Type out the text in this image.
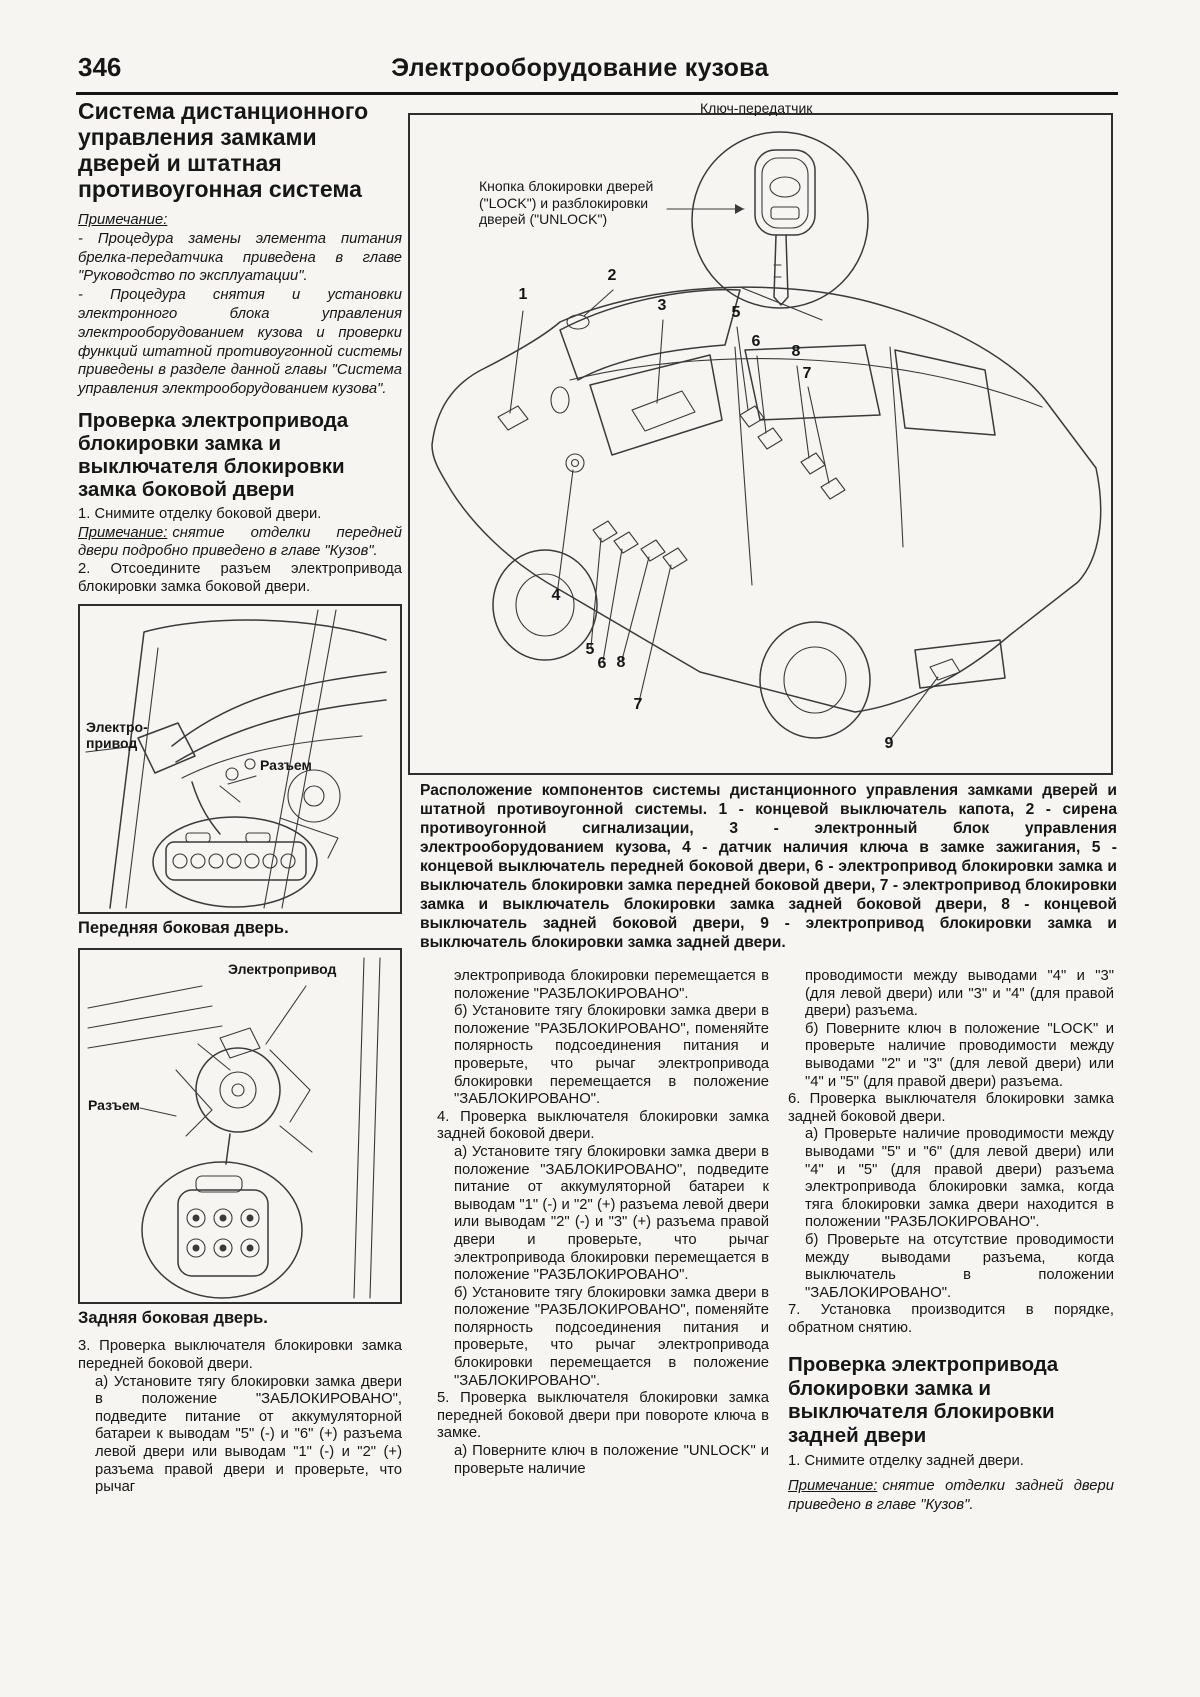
346	Электрооборудование кузова
Система дистанционного управления замками дверей и штатная противоугонная система

Примечание:

- Процедура замены элемента питания брелка-передатчика приведена в главе "Руководство по эксплуатации".

- Процедура снятия и установки электронного блока управления электрооборудованием кузова и проверки функций штатной противоугонной системы приведены в разделе данной главы "Система управления электрооборудованием кузова".

Проверка электропривода блокировки замка и выключателя блокировки замка боковой двери

1. Снимите отделку боковой двери.

Примечание: снятие отделки передней двери подробно приведено в главе "Кузов".

2. Отсоедините разъем электропривода блокировки замка боковой двери.

Электро-привод
Разъем

Передняя боковая дверь.

Электропривод
Разъем

Задняя боковая дверь.

3. Проверка выключателя блокировки замка передней боковой двери.

а) Установите тягу блокировки замка двери в положение "ЗАБЛОКИРОВАНО", подведите питание от аккумуляторной батареи к выводам "5" (-) и "6" (+) разъема левой двери или выводам "1" (-) и "2" (+) разъема правой двери и проверьте, что рычаг

Ключ-передатчик
Кнопка блокировки дверей ("LOCK") и разблокировки дверей ("UNLOCK")
1
2
3	5
6
8
7
4
5
6 8
7
9
Расположение компонентов системы дистанционного управления замками дверей и штатной противоугонной системы. 1 - концевой выключатель капота, 2 - сирена противоугонной сигнализации, 3 - электронный блок управления электрооборудованием кузова, 4 - датчик наличия ключа в замке зажигания, 5 - концевой выключатель передней боковой двери, 6 - электропривод блокировки замка и выключатель блокировки замка передней боковой двери, 7 - электропривод блокировки замка и выключатель блокировки замка задней боковой двери, 8 - концевой выключатель задней боковой двери, 9 - электропривод блокировки замка и выключатель блокировки замка задней двери.

электропривода блокировки перемещается в положение "РАЗБЛОКИРОВАНО".

б) Установите тягу блокировки замка двери в положение "РАЗБЛОКИРОВАНО", поменяйте полярность подсоединения питания и проверьте, что рычаг электропривода блокировки перемещается в положение "ЗАБЛОКИРОВАНО".

4. Проверка выключателя блокировки замка задней боковой двери.

а) Установите тягу блокировки замка двери в положение "ЗАБЛОКИРОВАНО", подведите питание от аккумуляторной батареи к выводам "1" (-) и "2" (+) разъема левой двери или выводам "2" (-) и "3" (+) разъема правой двери и проверьте, что рычаг электропривода блокировки перемещается в положение "РАЗБЛОКИРОВАНО".

б) Установите тягу блокировки замка двери в положение "РАЗБЛОКИРОВАНО", поменяйте полярность подсоединения питания и проверьте, что рычаг электропривода блокировки перемещается в положение "ЗАБЛОКИРОВАНО".

5. Проверка выключателя блокировки замка передней боковой двери при повороте ключа в замке.

а) Поверните ключ в положение "UNLOCK" и проверьте наличие

проводимости между выводами "4" и "3" (для левой двери) или "3" и "4" (для правой двери) разъема.

б) Поверните ключ в положение "LOCK" и проверьте наличие проводимости между выводами "2" и "3" (для левой двери) или "4" и "5" (для правой двери) разъема.

6. Проверка выключателя блокировки замка задней боковой двери.

а) Проверьте наличие проводимости между выводами "5" и "6" (для левой двери) или "4" и "5" (для правой двери) разъема электропривода блокировки замка, когда тяга блокировки замка двери находится в положении "РАЗБЛОКИРОВАНО".

б) Проверьте на отсутствие проводимости между выводами разъема, когда выключатель в положении "ЗАБЛОКИРОВАНО".

7. Установка производится в порядке, обратном снятию.

Проверка электропривода блокировки замка и выключателя блокировки задней двери

1. Снимите отделку задней двери.

Примечание: снятие отделки задней двери приведено в главе "Кузов".
